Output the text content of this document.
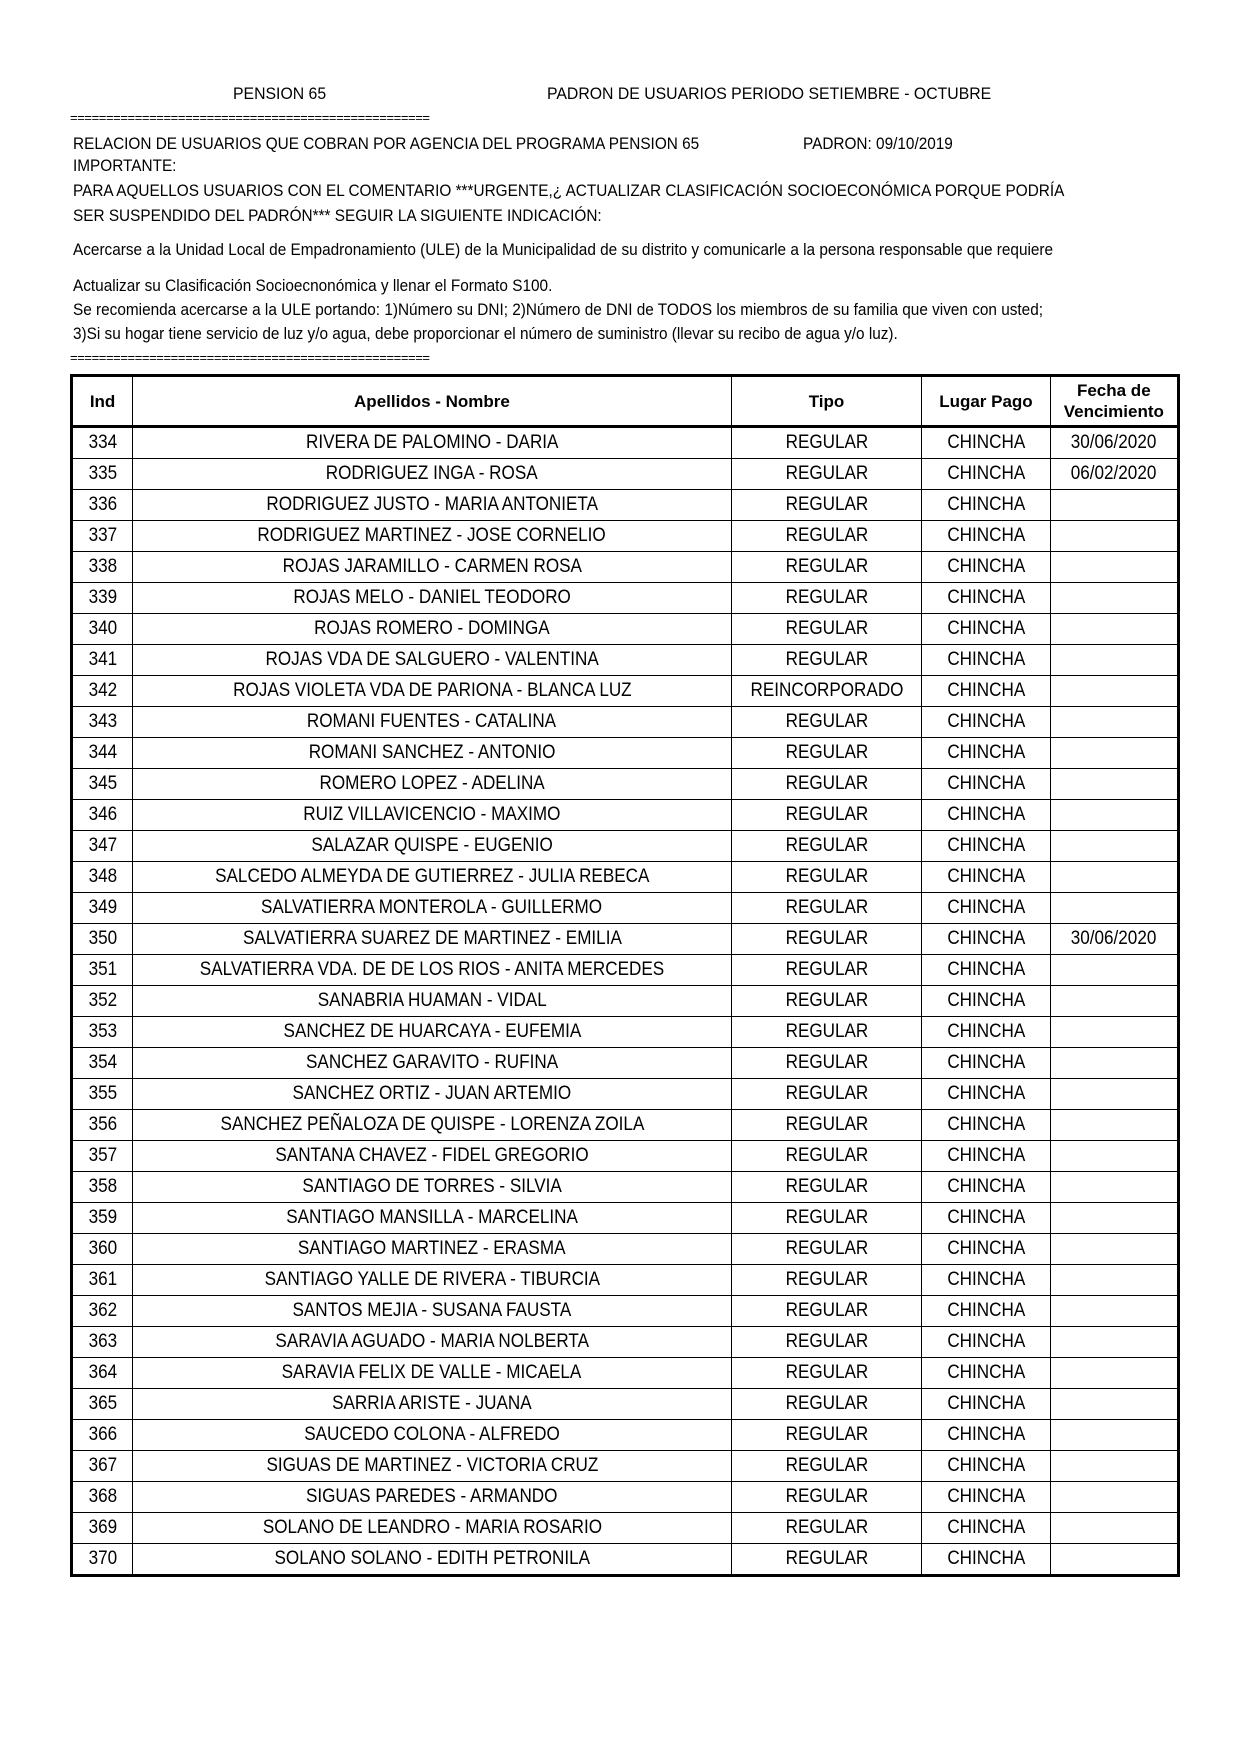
PENSION 65	PADRON DE USUARIOS PERIODO SETIEMBRE - OCTUBRE
==================================================
RELACION DE USUARIOS QUE COBRAN POR AGENCIA DEL PROGRAMA PENSION 65	PADRON: 09/10/2019
IMPORTANTE:
PARA AQUELLOS USUARIOS CON EL COMENTARIO ***URGENTE,¿ ACTUALIZAR CLASIFICACIÓN SOCIOECONÓMICA PORQUE PODRÍA
SER SUSPENDIDO DEL PADRÓN*** SEGUIR LA SIGUIENTE INDICACIÓN:
Acercarse a la Unidad Local de Empadronamiento (ULE) de la Municipalidad de su distrito y comunicarle a la persona responsable que requiere
Actualizar su Clasificación Socioecnonómica y llenar el Formato S100.
Se recomienda acercarse a la ULE portando: 1)Número su DNI; 2)Número de DNI de TODOS los miembros de su familia que viven con usted;
3)Si su hogar tiene servicio de luz y/o agua, debe proporcionar el número de suministro (llevar su recibo de agua y/o luz).
==================================================
Ind	Apellidos - Nombre	Tipo	Lugar Pago	Fecha de Vencimiento
334	RIVERA DE PALOMINO - DARIA	REGULAR	CHINCHA	30/06/2020
335	RODRIGUEZ INGA - ROSA	REGULAR	CHINCHA	06/02/2020
336	RODRIGUEZ JUSTO - MARIA ANTONIETA	REGULAR	CHINCHA	
337	RODRIGUEZ MARTINEZ - JOSE CORNELIO	REGULAR	CHINCHA	
338	ROJAS JARAMILLO - CARMEN ROSA	REGULAR	CHINCHA	
339	ROJAS MELO - DANIEL TEODORO	REGULAR	CHINCHA	
340	ROJAS ROMERO - DOMINGA	REGULAR	CHINCHA	
341	ROJAS VDA DE SALGUERO - VALENTINA	REGULAR	CHINCHA	
342	ROJAS VIOLETA VDA DE PARIONA - BLANCA LUZ	REINCORPORADO	CHINCHA	
343	ROMANI FUENTES - CATALINA	REGULAR	CHINCHA	
344	ROMANI SANCHEZ - ANTONIO	REGULAR	CHINCHA	
345	ROMERO LOPEZ - ADELINA	REGULAR	CHINCHA	
346	RUIZ VILLAVICENCIO - MAXIMO	REGULAR	CHINCHA	
347	SALAZAR QUISPE - EUGENIO	REGULAR	CHINCHA	
348	SALCEDO ALMEYDA DE GUTIERREZ - JULIA REBECA	REGULAR	CHINCHA	
349	SALVATIERRA MONTEROLA - GUILLERMO	REGULAR	CHINCHA	
350	SALVATIERRA SUAREZ DE MARTINEZ - EMILIA	REGULAR	CHINCHA	30/06/2020
351	SALVATIERRA VDA. DE DE LOS RIOS - ANITA MERCEDES	REGULAR	CHINCHA	
352	SANABRIA HUAMAN - VIDAL	REGULAR	CHINCHA	
353	SANCHEZ DE HUARCAYA - EUFEMIA	REGULAR	CHINCHA	
354	SANCHEZ GARAVITO - RUFINA	REGULAR	CHINCHA	
355	SANCHEZ ORTIZ - JUAN ARTEMIO	REGULAR	CHINCHA	
356	SANCHEZ PEÑALOZA DE QUISPE - LORENZA ZOILA	REGULAR	CHINCHA	
357	SANTANA CHAVEZ - FIDEL GREGORIO	REGULAR	CHINCHA	
358	SANTIAGO DE TORRES - SILVIA	REGULAR	CHINCHA	
359	SANTIAGO MANSILLA - MARCELINA	REGULAR	CHINCHA	
360	SANTIAGO MARTINEZ - ERASMA	REGULAR	CHINCHA	
361	SANTIAGO YALLE DE RIVERA - TIBURCIA	REGULAR	CHINCHA	
362	SANTOS MEJIA - SUSANA FAUSTA	REGULAR	CHINCHA	
363	SARAVIA AGUADO - MARIA NOLBERTA	REGULAR	CHINCHA	
364	SARAVIA FELIX DE VALLE - MICAELA	REGULAR	CHINCHA	
365	SARRIA ARISTE - JUANA	REGULAR	CHINCHA	
366	SAUCEDO COLONA - ALFREDO	REGULAR	CHINCHA	
367	SIGUAS DE MARTINEZ - VICTORIA CRUZ	REGULAR	CHINCHA	
368	SIGUAS PAREDES - ARMANDO	REGULAR	CHINCHA	
369	SOLANO DE LEANDRO - MARIA ROSARIO	REGULAR	CHINCHA	
370	SOLANO SOLANO - EDITH PETRONILA	REGULAR	CHINCHA	
